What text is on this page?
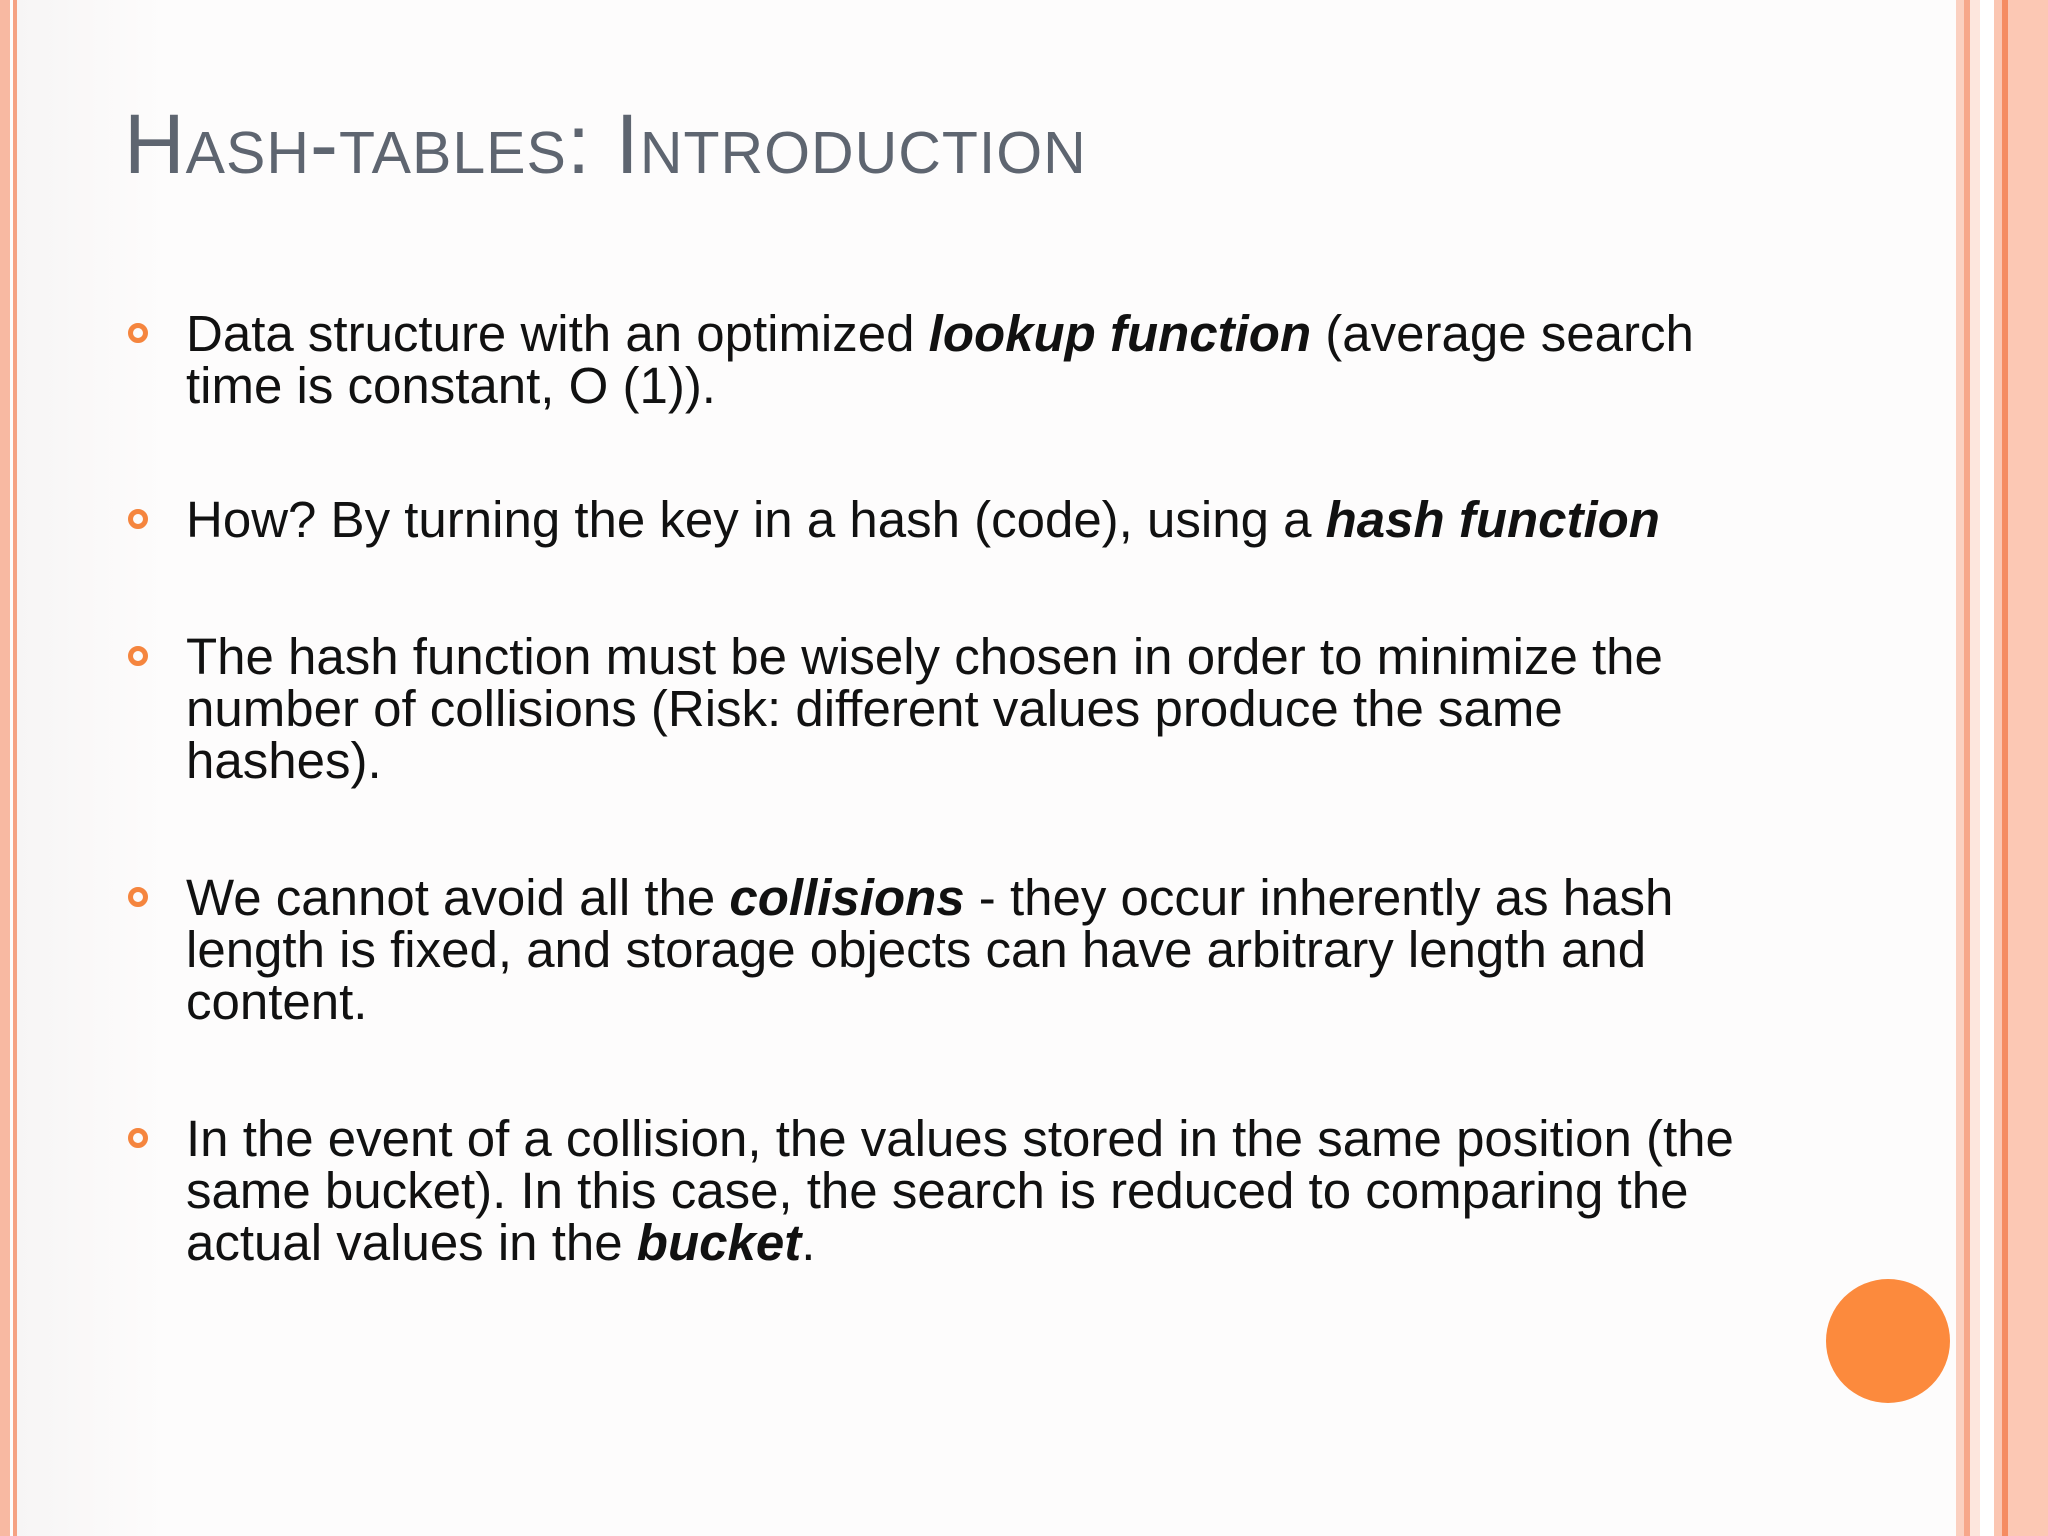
Hash-tables: Introduction
Data structure with an optimized lookup function (average search time is constant, O (1)).
How? By turning the key in a hash (code), using a hash function
The hash function must be wisely chosen in order to minimize the number of collisions (Risk: different values produce the same hashes).
We cannot avoid all the collisions - they occur inherently as hash length is fixed, and storage objects can have arbitrary length and content.
In the event of a collision, the values stored in the same position (the same bucket). In this case, the search is reduced to comparing the actual values in the bucket.
